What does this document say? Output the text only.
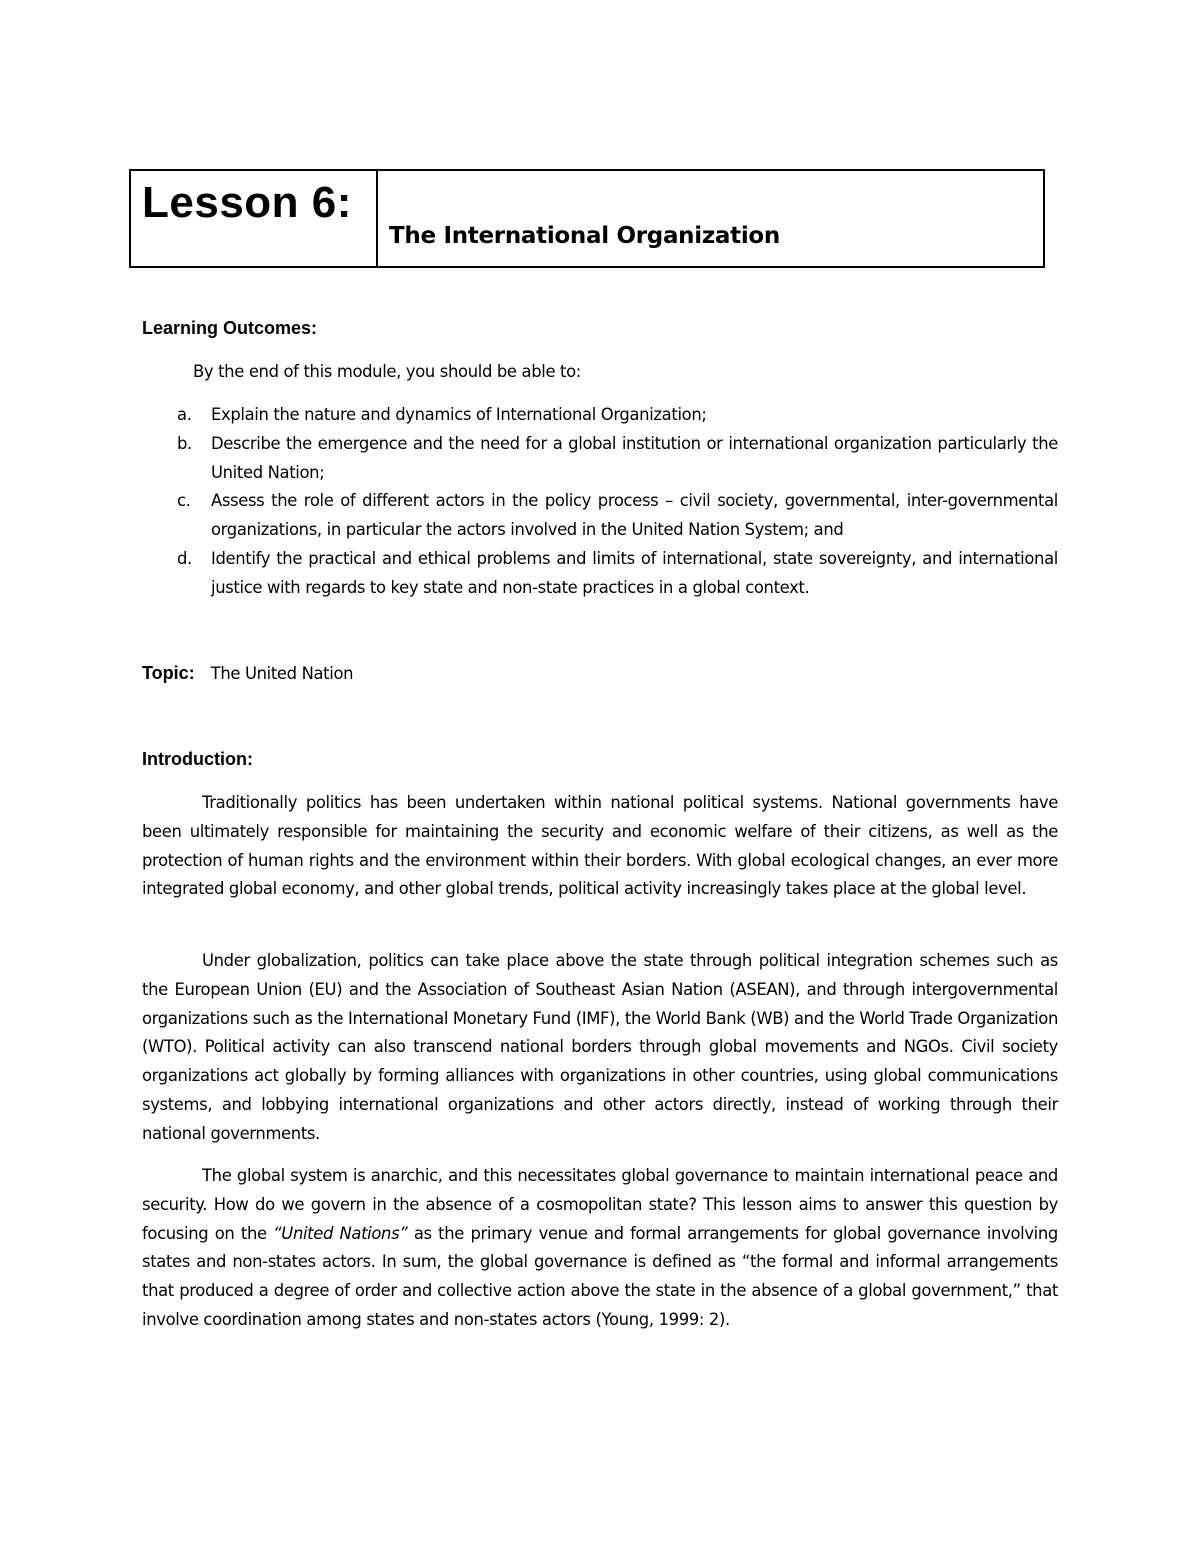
Lesson 6:
The International Organization
Learning Outcomes:
By the end of this module, you should be able to:
a.	Explain the nature and dynamics of International Organization;
b.	Describe the emergence and the need for a global institution or international organization particularly the United Nation;
c.	Assess the role of different actors in the policy process – civil society, governmental, inter-governmental organizations, in particular the actors involved in the United Nation System; and
d.	Identify the practical and ethical problems and limits of international, state sovereignty, and international justice with regards to key state and non-state practices in a global context.
Topic: The United Nation
Introduction:

Traditionally politics has been undertaken within national political systems. National governments have been ultimately responsible for maintaining the security and economic welfare of their citizens, as well as the protection of human rights and the environment within their borders. With global ecological changes, an ever more integrated global economy, and other global trends, political activity increasingly takes place at the global level.

Under globalization, politics can take place above the state through political integration schemes such as the European Union (EU) and the Association of Southeast Asian Nation (ASEAN), and through intergovernmental organizations such as the International Monetary Fund (IMF), the World Bank (WB) and the World Trade Organization (WTO). Political activity can also transcend national borders through global movements and NGOs. Civil society organizations act globally by forming alliances with organizations in other countries, using global communications systems, and lobbying international organizations and other actors directly, instead of working through their national governments.

The global system is anarchic, and this necessitates global governance to maintain international peace and security. How do we govern in the absence of a cosmopolitan state? This lesson aims to answer this question by focusing on the “United Nations” as the primary venue and formal arrangements for global governance involving states and non-states actors. In sum, the global governance is defined as “the formal and informal arrangements that produced a degree of order and collective action above the state in the absence of a global government,” that involve coordination among states and non-states actors (Young, 1999: 2).
